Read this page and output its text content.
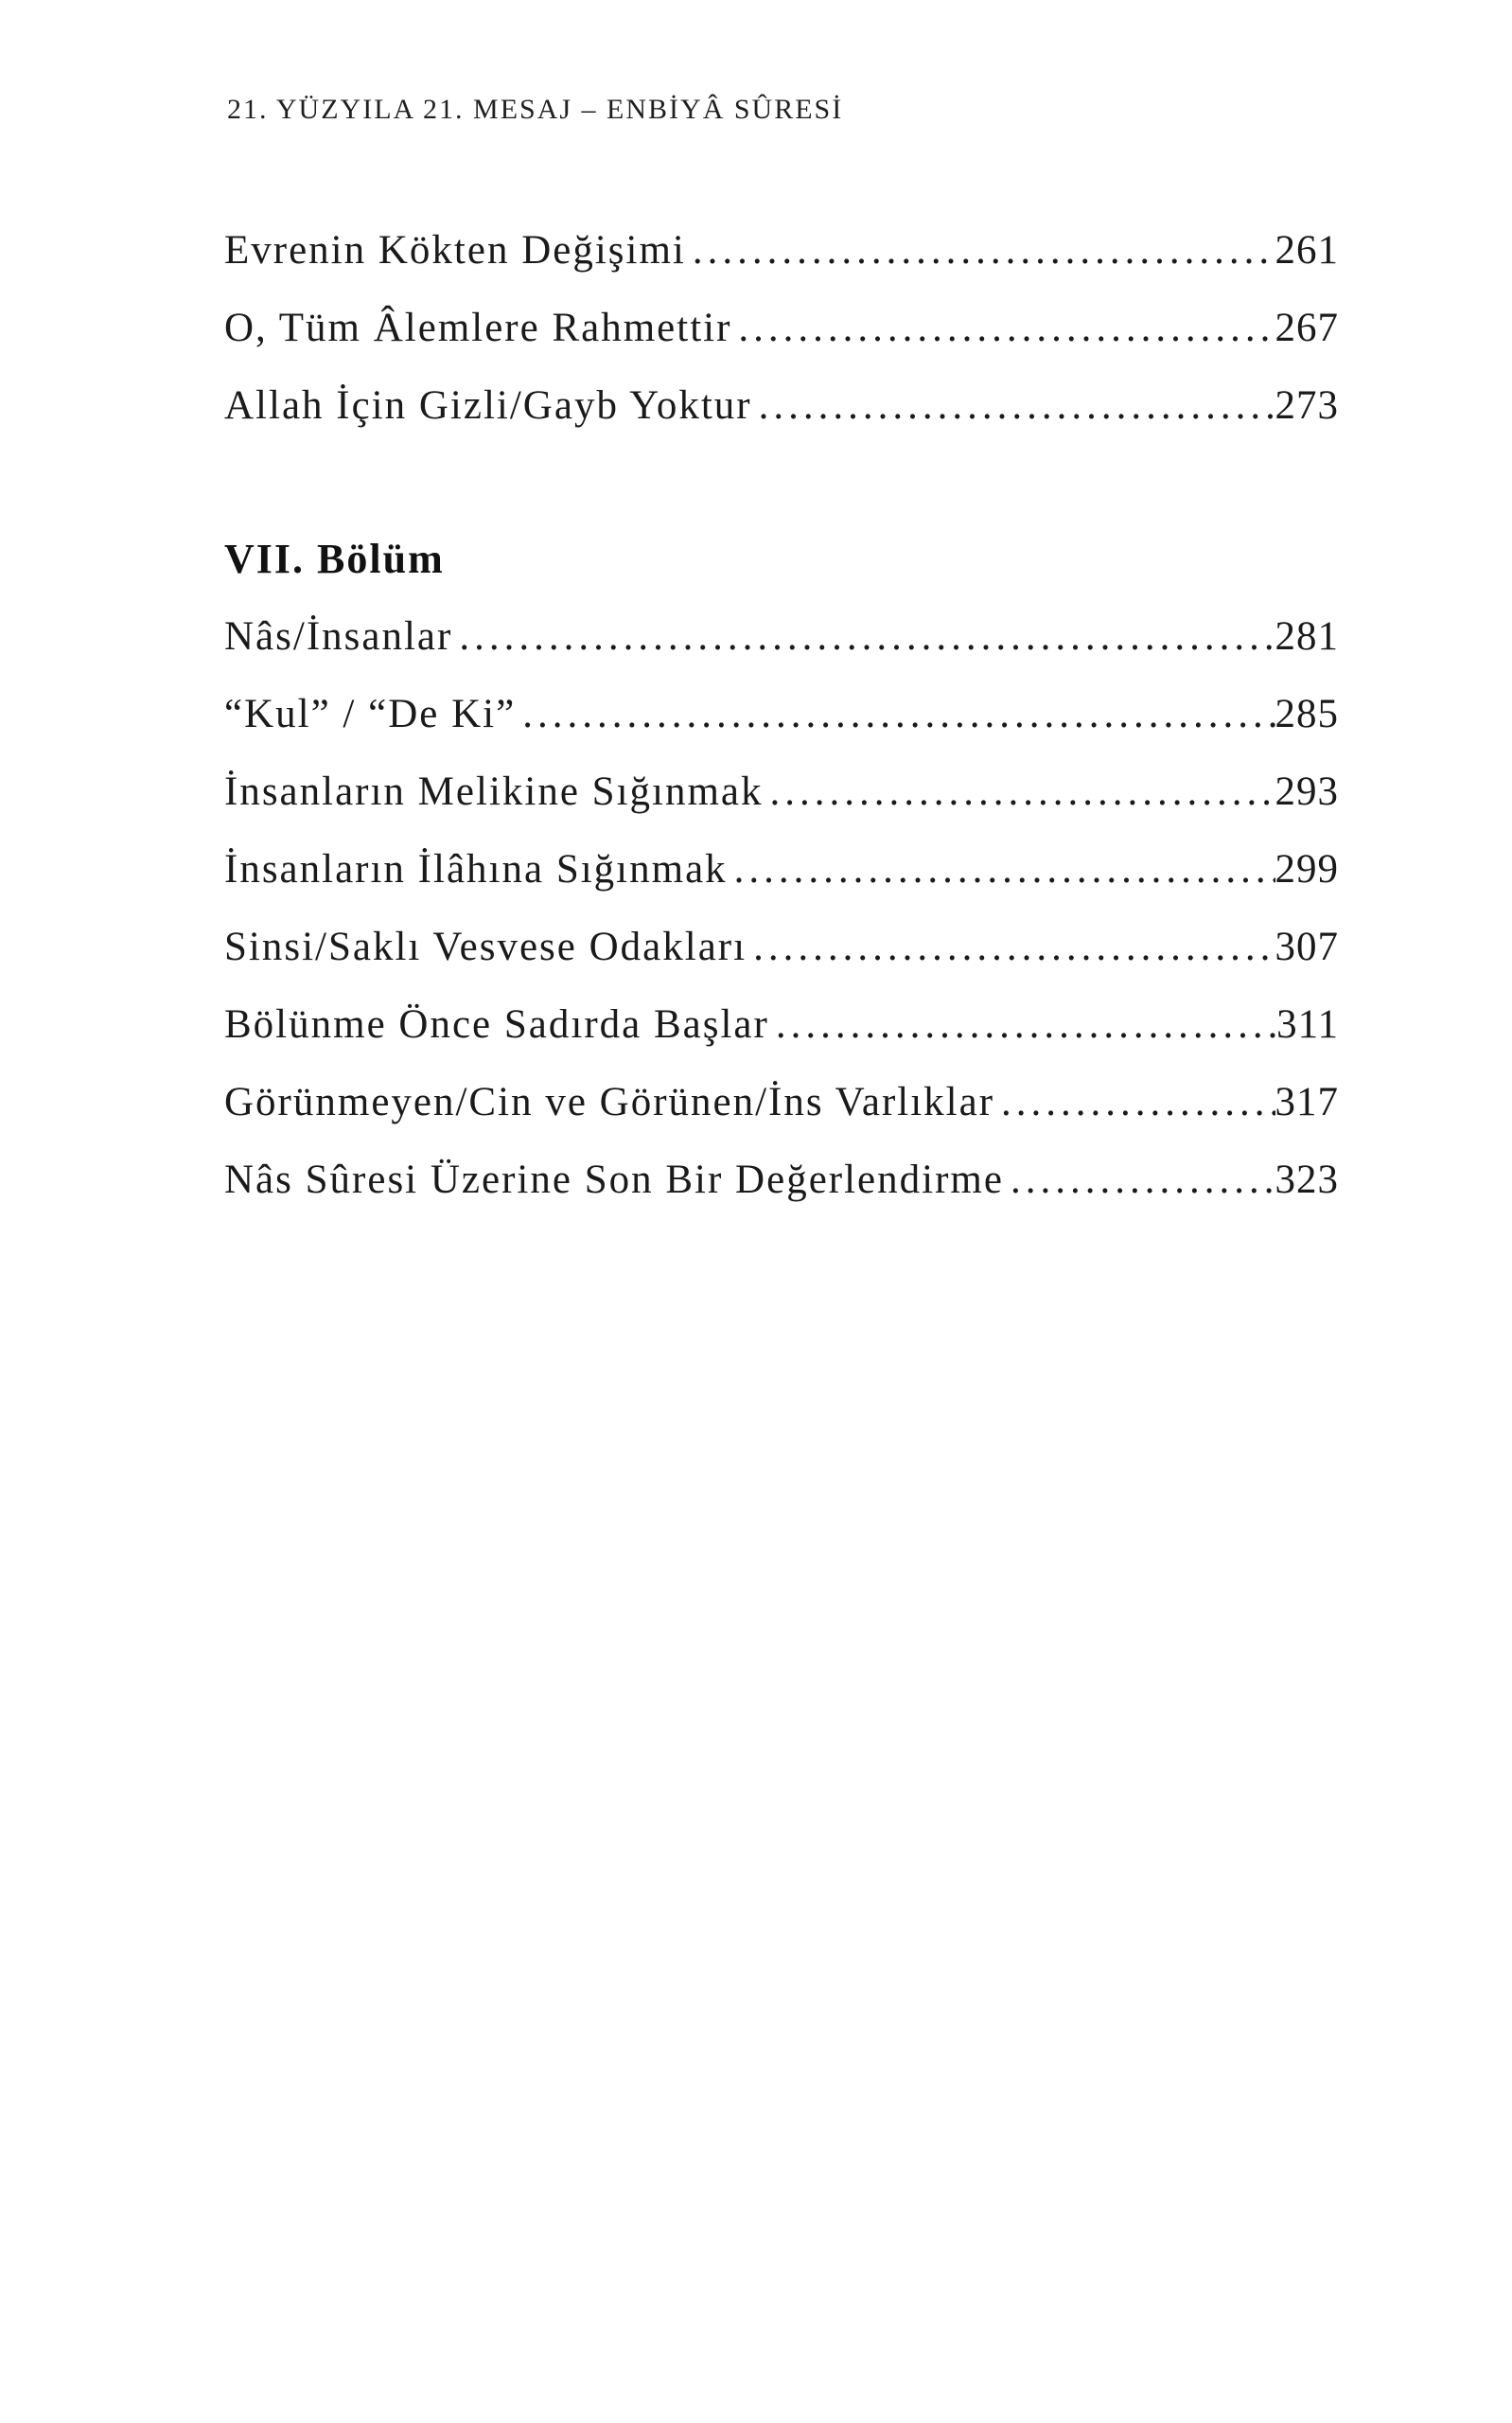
21. YÜZYILA 21. MESAJ – ENBİYÂ SÛRESİ
Evrenin Kökten Değişimi .....	261
O, Tüm Âlemlere Rahmettir .....	267
Allah İçin Gizli/Gayb Yoktur .....	273
VII. Bölüm
Nâs/İnsanlar .....	281
“Kul” / “De Ki” .....	285
İnsanların Melikine Sığınmak .....	293
İnsanların İlâhına Sığınmak .....	299
Sinsi/Saklı Vesvese Odakları .....	307
Bölünme Önce Sadırda Başlar .....	311
Görünmeyen/Cin ve Görünen/İns Varlıklar .....	317
Nâs Sûresi Üzerine Son Bir Değerlendirme .....	323
